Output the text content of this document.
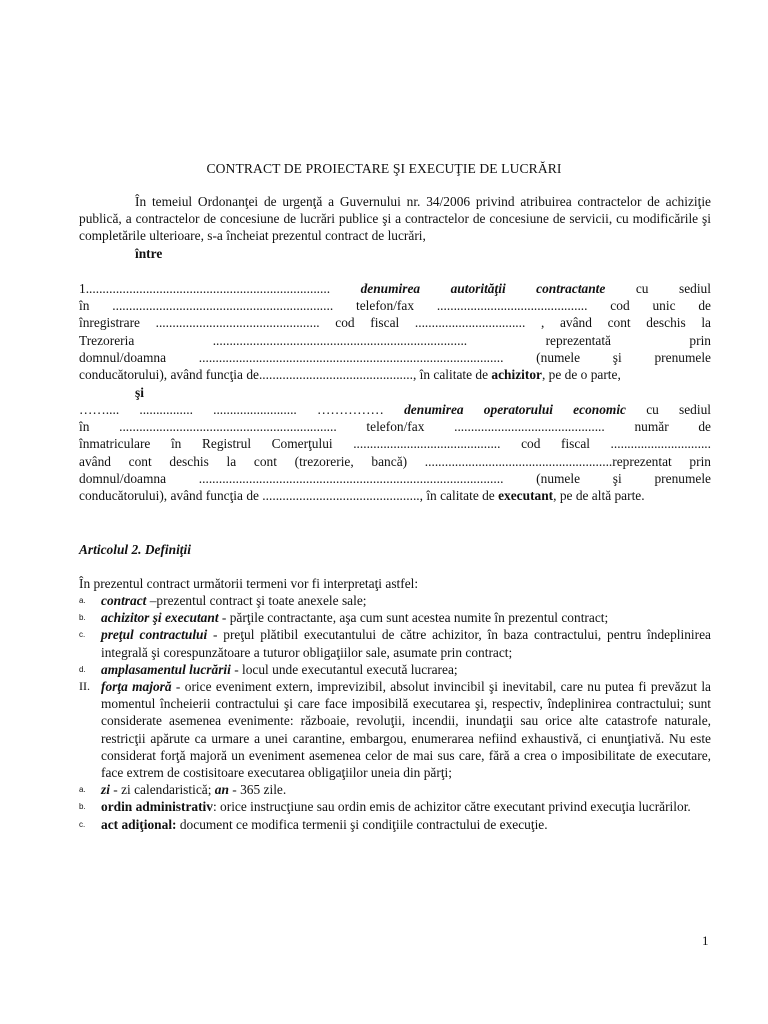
CONTRACT DE PROIECTARE ŞI EXECUŢIE DE LUCRĂRI
În temeiul Ordonanţei de urgenţă a Guvernului nr. 34/2006 privind atribuirea contractelor de achiziţie publică, a contractelor de concesiune de lucrări publice şi a contractelor de concesiune de servicii, cu modificările şi completările ulterioare, s-a încheiat prezentul contract de lucrări,
între
1......................................................................... denumirea autorităţii contractante cu sediul
în .................................................................. telefon/fax ............................................. cod unic de
înregistrare ................................................. cod fiscal ................................. , având cont deschis la
Trezoreria ............................................................................ reprezentată prin
domnul/doamna ........................................................................................... (numele şi prenumele
conducătorului), având funcţia de.............................................., în calitate de achizitor, pe de o parte,
şi
…….... ................ ......................... …………… denumirea operatorului economic cu sediul
în ................................................................. telefon/fax ............................................. număr de
înmatriculare în Registrul Comerţului ............................................ cod fiscal ..............................
având cont deschis la cont (trezorerie, bancă) ........................................................reprezentat prin
domnul/doamna ........................................................................................... (numele şi prenumele
conducătorului), având funcţia de ..............................................., în calitate de executant, pe de altă parte.
Articolul 2. Definiţii
În prezentul contract următorii termeni vor fi interpretaţi astfel:
a. contract –prezentul contract şi toate anexele sale;
b. achizitor şi executant - părţile contractante, aşa cum sunt acestea numite în prezentul contract;
c. preţul contractului - preţul plătibil executantului de către achizitor, în baza contractului, pentru îndeplinirea integrală şi corespunzătoare a tuturor obligaţiilor sale, asumate prin contract;
d. amplasamentul lucrării - locul unde executantul execută lucrarea;
II. forţa majoră - orice eveniment extern, imprevizibil, absolut invincibil şi inevitabil, care nu putea fi prevăzut la momentul încheierii contractului şi care face imposibilă executarea şi, respectiv, îndeplinirea contractului; sunt considerate asemenea evenimente: războaie, revoluţii, incendii, inundaţii sau orice alte catastrofe naturale, restricţii apărute ca urmare a unei carantine, embargou, enumerarea nefiind exhaustivă, ci enunţiativă. Nu este considerat forţă majoră un eveniment asemenea celor de mai sus care, fără a crea o imposibilitate de executare, face extrem de costisitoare executarea obligaţiilor uneia din părţi;
a. zi - zi calendaristică; an - 365 zile.
b. ordin administrativ: orice instrucţiune sau ordin emis de achizitor către executant privind execuţia lucrărilor.
c. act adiţional: document ce modifica termenii şi condiţiile contractului de execuţie.
1
